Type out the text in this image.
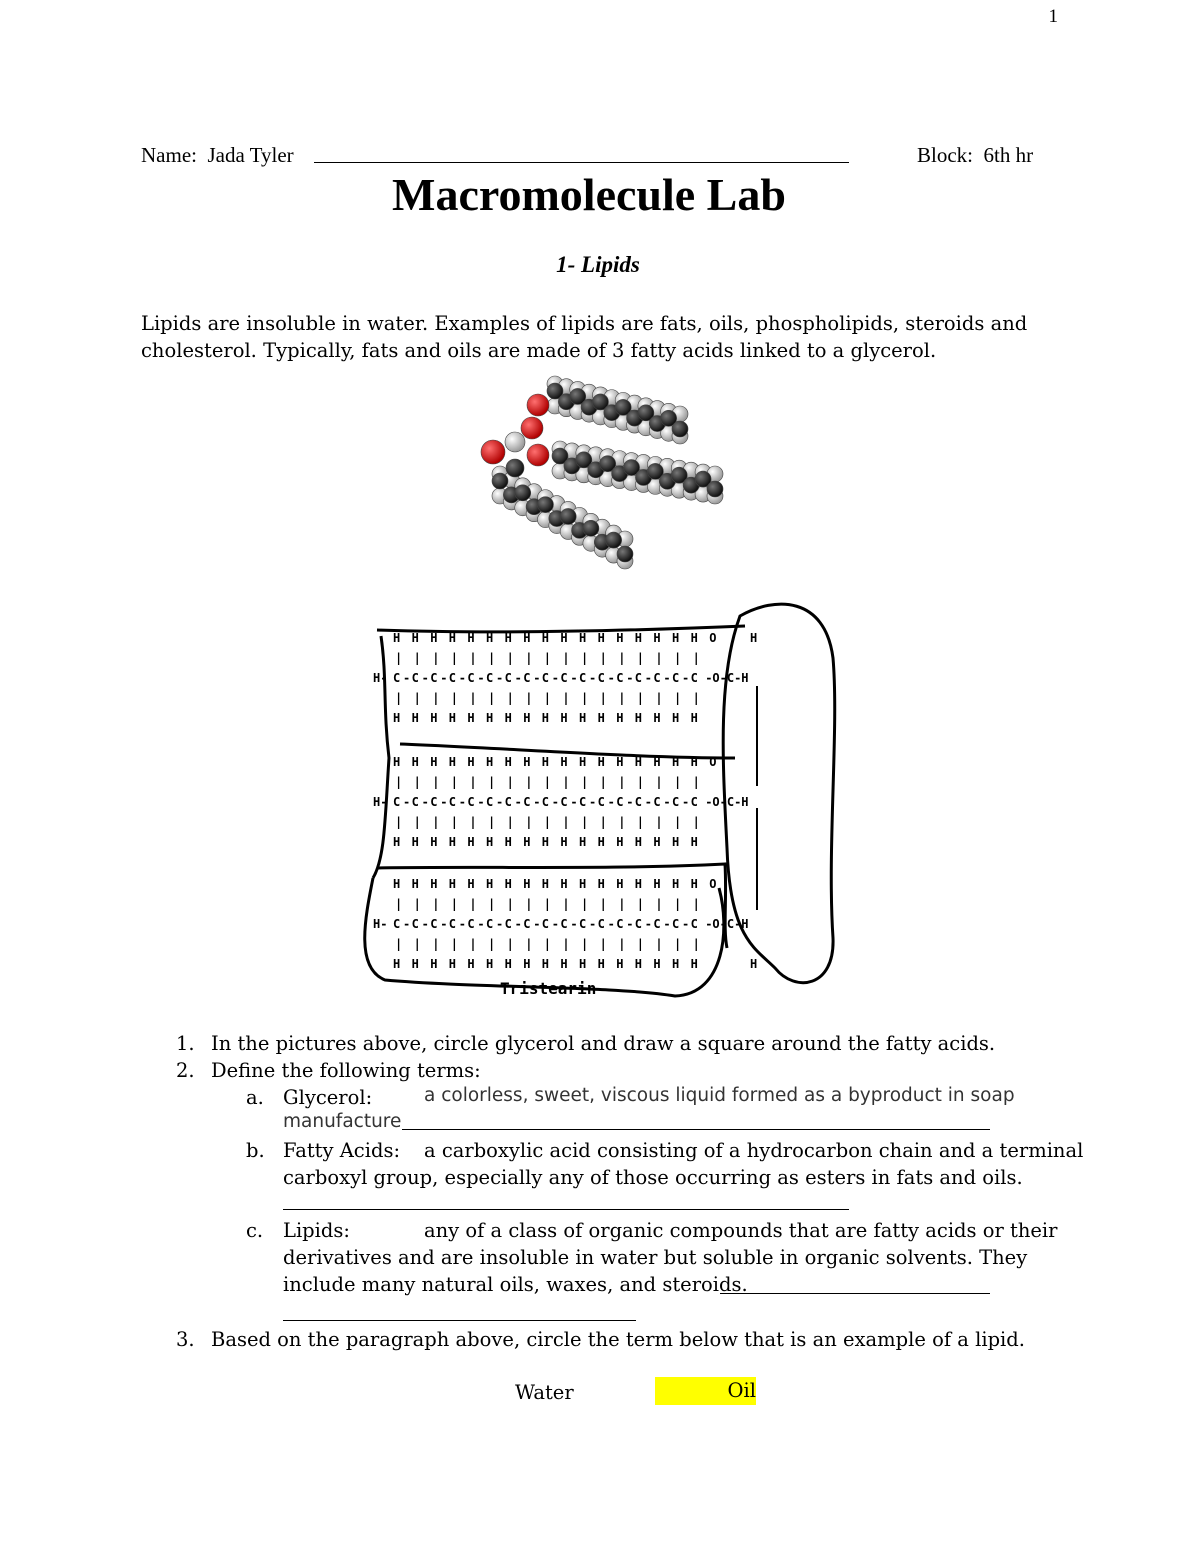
1
Name: Jada Tyler	Block: 6th hr
Macromolecule Lab
1- Lipids
Lipids are insoluble in water. Examples of lipids are fats, oils, phospholipids, steroids and
cholesterol. Typically, fats and oils are made of 3 fatty acids linked to a glycerol.
H
|
C -
|
H
H
|
C -
|
H
H
|
C -
|
H
H
|
C -
|
H
H
|
C -
|
H
H
|
C -
|
H
H
|
C -
|
H
H
|
C -
|
H
H
|
C -
|
H
H
|
C -
|
H
H
|
C -
|
H
H
|
C -
|
H
H
|
C -
|
H
H
|
C -
|
H
H
|
C -
|
H
H
|
C -
|
H
H
|
C
|
H
H-	-O-C-H
O	H
H
|
C -
|
H
H
|
C -
|
H
H
|
C -
|
H
H
|
C -
|
H
H
|
C -
|
H
H
|
C -
|
H
H
|
C -
|
H
H
|
C -
|
H
H
|
C -
|
H
H
|
C -
|
H
H
|
C -
|
H
H
|
C -
|
H
H
|
C -
|
H
H
|
C -
|
H
H
|
C -
|
H
H
|
C -
|
H
H
|
C
|
H
H-	-O-C-H
O
H
|
C -
|
H
H
|
C -
|
H
H
|
C -
|
H
H
|
C -
|
H
H
|
C -
|
H
H
|
C -
|
H
H
|
C -
|
H
H
|
C -
|
H
H
|
C -
|
H
H
|
C -
|
H
H
|
C -
|
H
H
|
C -
|
H
H
|
C -
|
H
H
|
C -
|
H
H
|
C -
|
H
H
|
C -
|
H
H
|
C
|
H
H-	-O-C-H
O
H
Tristearin
1. In the pictures above, circle glycerol and draw a square around the fatty acids.
2. Define the following terms:
a. Glycerol:	a colorless, sweet, viscous liquid formed as a byproduct in soap
manufacture
b. Fatty Acids: a carboxylic acid consisting of a hydrocarbon chain and a terminal
carboxyl group, especially any of those occurring as esters in fats and oils.
c. Lipids:	any of a class of organic compounds that are fatty acids or their
derivatives and are insoluble in water but soluble in organic solvents. They
include many natural oils, waxes, and steroids.
3. Based on the paragraph above, circle the term below that is an example of a lipid.
Water	Oil
